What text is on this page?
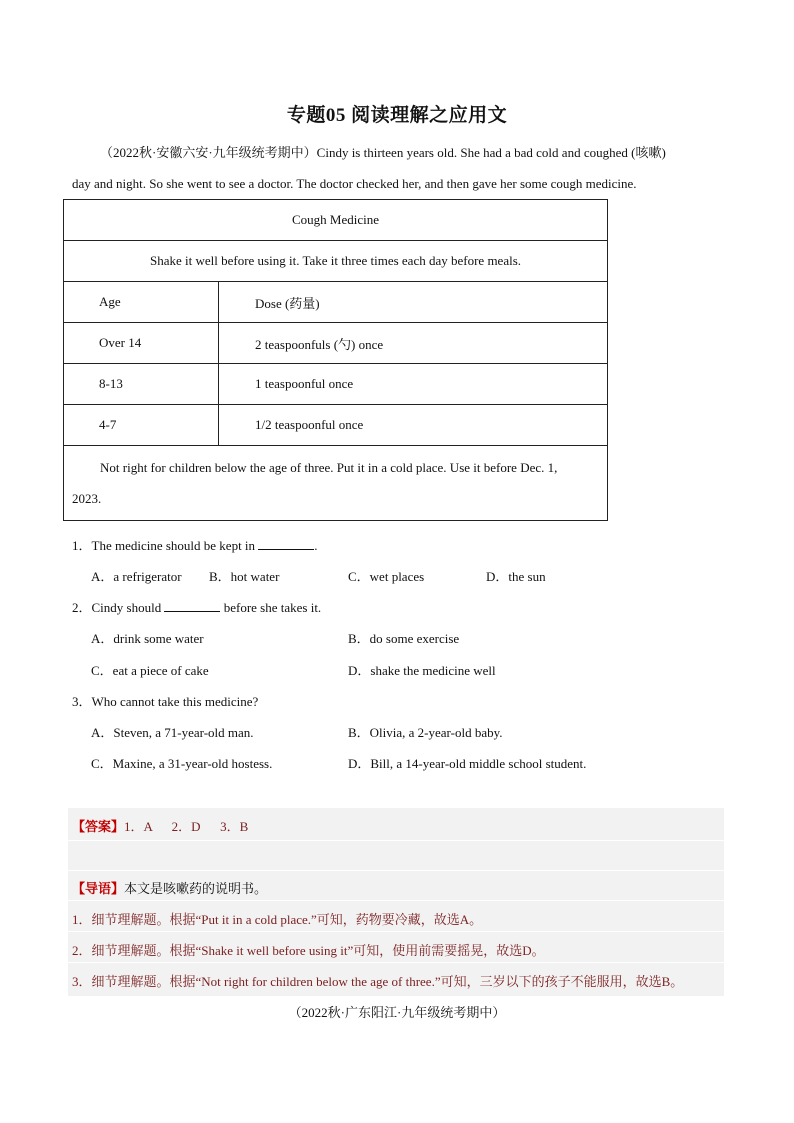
专题05 阅读理解之应用文
（2022秋·安徽六安·九年级统考期中）Cindy is thirteen years old. She had a bad cold and coughed (咳嗽)
day and night. So she went to see a doctor. The doctor checked her, and then gave her some cough medicine.
Cough Medicine	
Shake it well before using it. Take it three times each day before meals.	
Age	Dose (药量)
Over 14	2 teaspoonfuls (勺) once
8-13	1 teaspoonful once
4-7	1/2 teaspoonful once

Not right for children below the age of three. Put it in a cold place. Use it before Dec. 1,
2023.	
1．The medicine should be kept in	.
A．a refrigerator B．hot water	C．wet places	D．the sun
2．Cindy should	before she takes it.
A．drink some water	B．do some exercise
C．eat a piece of cake	D．shake the medicine well
3．Who cannot take this medicine?
A．Steven, a 71-year-old man.	B．Olivia, a 2-year-old baby.
C．Maxine, a 31-year-old hostess.	D．Bill, a 14-year-old middle school student.
【答案】1．A      2．D      3．B
【导语】本文是咳嗽药的说明书。
1．细节理解题。根据“Put it in a cold place.”可知，药物要冷藏，故选A。
2．细节理解题。根据“Shake it well before using it”可知，使用前需要摇晃，故选D。
3．细节理解题。根据“Not right for children below the age of three.”可知，三岁以下的孩子不能服用，故选B。
（2022秋·广东阳江·九年级统考期中）
